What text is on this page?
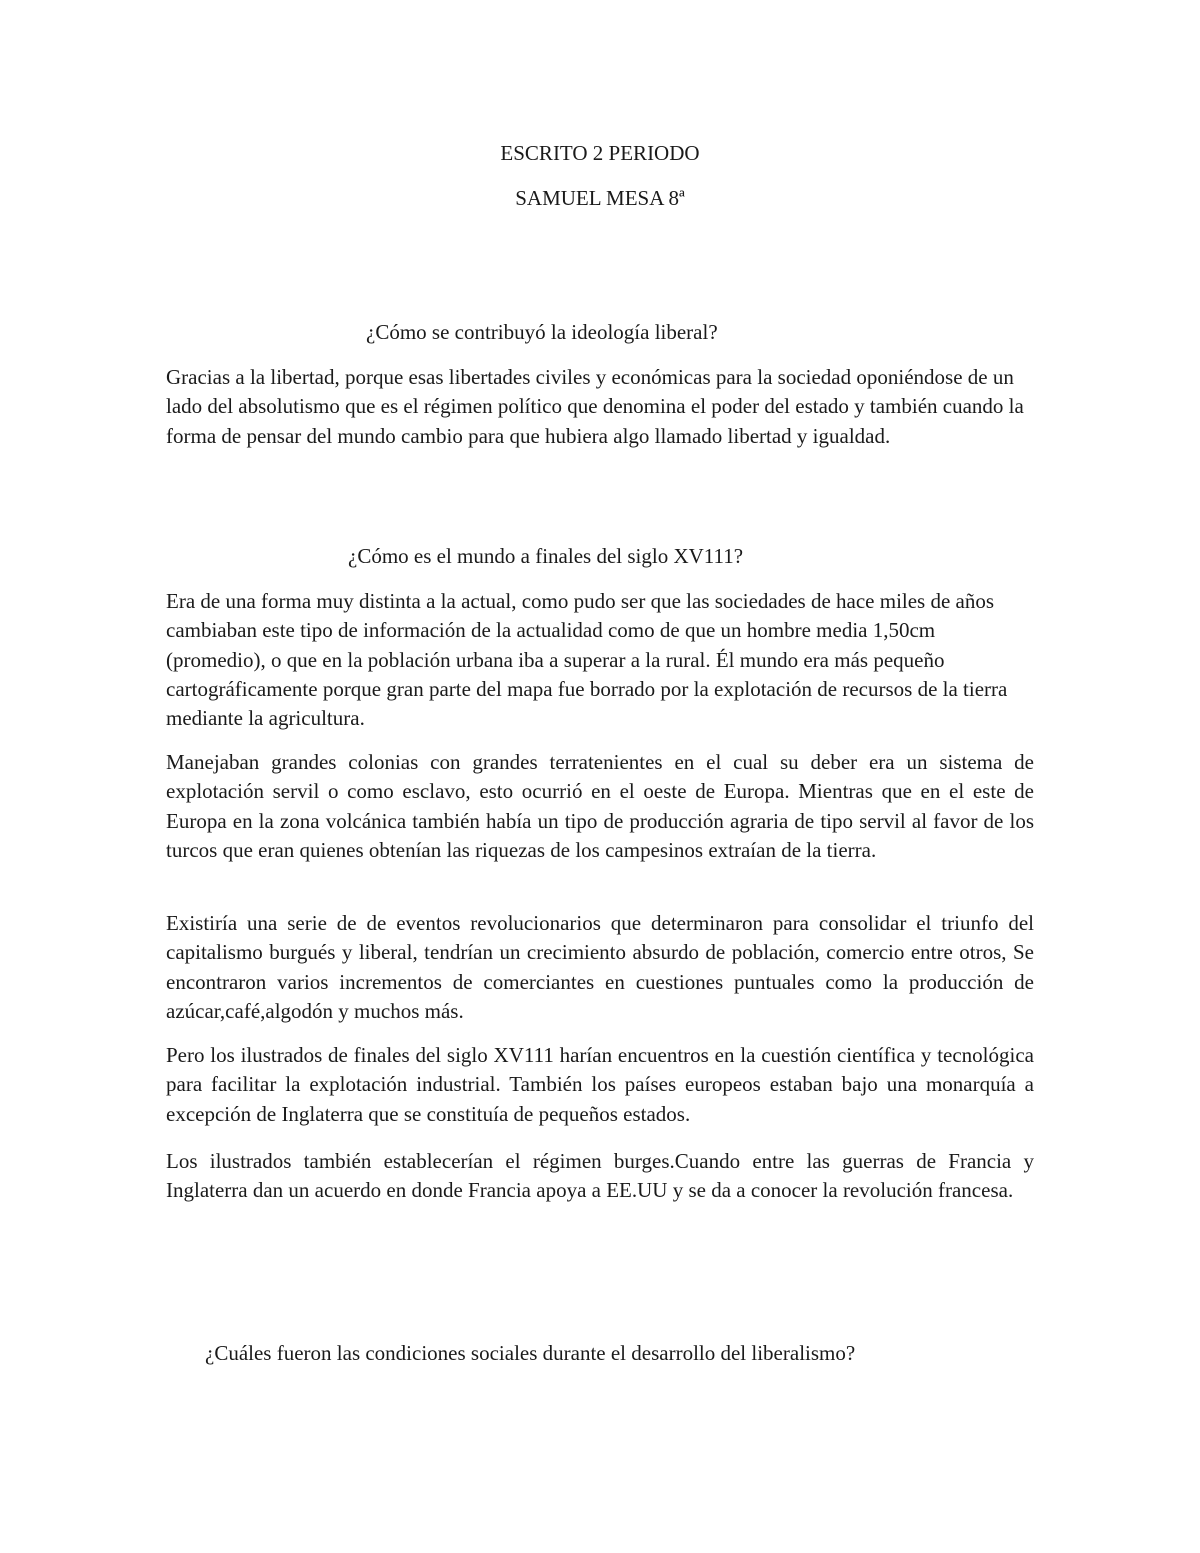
ESCRITO 2 PERIODO
SAMUEL MESA 8ª
¿Cómo se contribuyó la ideología liberal?

Gracias a la libertad, porque esas libertades civiles y económicas para la sociedad oponiéndose de un lado del absolutismo que es el régimen político que denomina el poder del estado y también cuando la forma de pensar del mundo cambio para que hubiera algo llamado libertad y igualdad.

¿Cómo es el mundo a finales del siglo XV111?

Era de una forma muy distinta a la actual, como pudo ser que las sociedades de hace miles de años cambiaban este tipo de información de la actualidad como de que un hombre media 1,50cm (promedio), o que en la población urbana iba a superar a la rural. Él mundo era más pequeño cartográficamente porque gran parte del mapa fue borrado por la explotación de recursos de la tierra mediante la agricultura.

Manejaban grandes colonias con grandes terratenientes en el cual su deber era un sistema de explotación servil o como esclavo, esto ocurrió en el oeste de Europa. Mientras que en el este de Europa en la zona volcánica también había un tipo de producción agraria de tipo servil al favor de los turcos que eran quienes obtenían las riquezas de los campesinos extraían de la tierra.

Existiría una serie de de eventos revolucionarios que determinaron para consolidar el triunfo del capitalismo burgués y liberal, tendrían un crecimiento absurdo de población, comercio entre otros, Se encontraron varios incrementos de comerciantes en cuestiones puntuales como la producción de azúcar,café,algodón y muchos más.

Pero los ilustrados de finales del siglo XV111 harían encuentros en la cuestión científica y tecnológica para facilitar la explotación industrial. También los países europeos estaban bajo una monarquía a excepción de Inglaterra que se constituía de pequeños estados.

Los ilustrados también establecerían el régimen burges.Cuando entre las guerras de Francia y Inglaterra dan un acuerdo en donde Francia apoya a EE.UU y se da a conocer la revolución francesa.

¿Cuáles fueron las condiciones sociales durante el desarrollo del liberalismo?
